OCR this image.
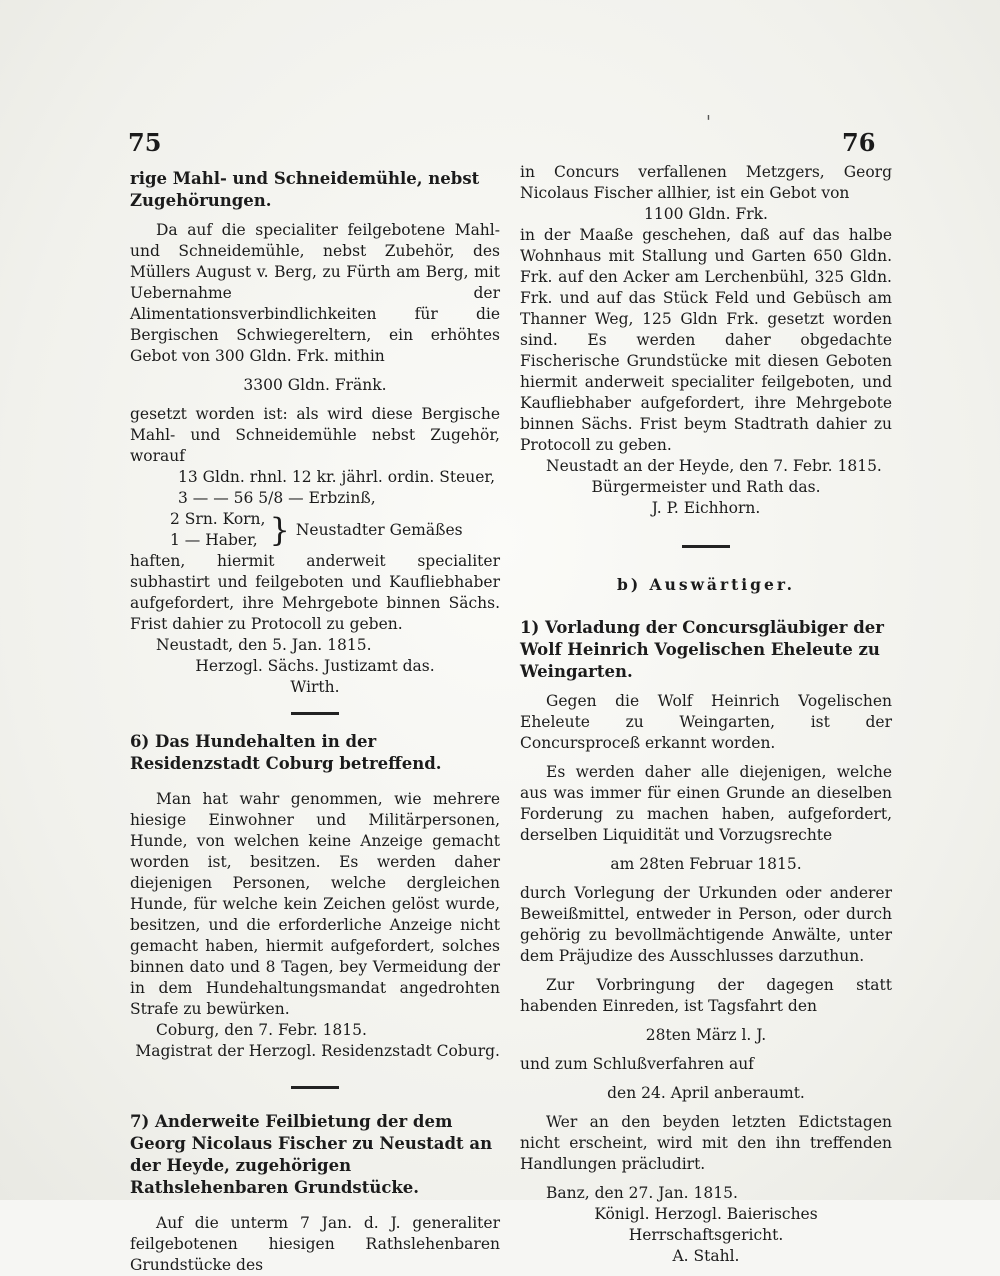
75	76
'

rige Mahl- und Schneidemühle, nebst Zugehörungen.

Da auf die specialiter feilgebotene Mahl- und Schneidemühle, nebst Zubehör, des Müllers August v. Berg, zu Fürth am Berg, mit Uebernahme der Alimentationsverbindlichkeiten für die Bergischen Schwiegereltern, ein erhöhtes Gebot von 300 Gldn. Frk. mithin

3300 Gldn. Fränk.

gesetzt worden ist: als wird diese Bergische Mahl- und Schneidemühle nebst Zugehör, worauf

13 Gldn. rhnl. 12 kr. jährl. ordin. Steuer,

3 — — 56 5/8 — Erbzinß,

2 Srn. Korn,

1 — Haber, } Neustadter Gemäßes

haften, hiermit anderweit specialiter subhastirt und feilgeboten und Kaufliebhaber aufgefordert, ihre Mehrgebote binnen Sächs. Frist dahier zu Protocoll zu geben.

Neustadt, den 5. Jan. 1815.

Herzogl. Sächs. Justizamt das.

Wirth.

6) Das Hundehalten in der Residenzstadt Coburg betreffend.

Man hat wahr genommen, wie mehrere hiesige Einwohner und Militärpersonen, Hunde, von welchen keine Anzeige gemacht worden ist, besitzen. Es werden daher diejenigen Personen, welche dergleichen Hunde, für welche kein Zeichen gelöst wurde, besitzen, und die erforderliche Anzeige nicht gemacht haben, hiermit aufgefordert, solches binnen dato und 8 Tagen, bey Vermeidung der in dem Hundehaltungsmandat angedrohten Strafe zu bewürken.

Coburg, den 7. Febr. 1815.

Magistrat der Herzogl. Residenzstadt Coburg.

7) Anderweite Feilbietung der dem Georg Nicolaus Fischer zu Neustadt an der Heyde, zugehörigen Rathslehenbaren Grundstücke.

Auf die unterm 7 Jan. d. J. generaliter feilgebotenen hiesigen Rathslehenbaren Grundstücke des

in Concurs verfallenen Metzgers, Georg Nicolaus Fischer allhier, ist ein Gebot von

1100 Gldn. Frk.

in der Maaße geschehen, daß auf das halbe Wohnhaus mit Stallung und Garten 650 Gldn. Frk. auf den Acker am Lerchenbühl, 325 Gldn. Frk. und auf das Stück Feld und Gebüsch am Thanner Weg, 125 Gldn Frk. gesetzt worden sind. Es werden daher obgedachte Fischerische Grundstücke mit diesen Geboten hiermit anderweit specialiter feilgeboten, und Kaufliebhaber aufgefordert, ihre Mehrgebote binnen Sächs. Frist beym Stadtrath dahier zu Protocoll zu geben.

Neustadt an der Heyde, den 7. Febr. 1815.

Bürgermeister und Rath das.

J. P. Eichhorn.

b) Auswärtiger.

1) Vorladung der Concursgläubiger der Wolf Heinrich Vogelischen Eheleute zu Weingarten.

Gegen die Wolf Heinrich Vogelischen Eheleute zu Weingarten, ist der Concursproceß erkannt worden.

Es werden daher alle diejenigen, welche aus was immer für einen Grunde an dieselben Forderung zu machen haben, aufgefordert, derselben Liquidität und Vorzugsrechte

am 28ten Februar 1815.

durch Vorlegung der Urkunden oder anderer Beweißmittel, entweder in Person, oder durch gehörig zu bevollmächtigende Anwälte, unter dem Präjudize des Ausschlusses darzuthun.

Zur Vorbringung der dagegen statt habenden Einreden, ist Tagsfahrt den

28ten März l. J.

und zum Schlußverfahren auf

den 24. April anberaumt.

Wer an den beyden letzten Edictstagen nicht erscheint, wird mit den ihn treffenden Handlungen präcludirt.

Banz, den 27. Jan. 1815.

Königl. Herzogl. Baierisches Herrschaftsgericht.

A. Stahl.
